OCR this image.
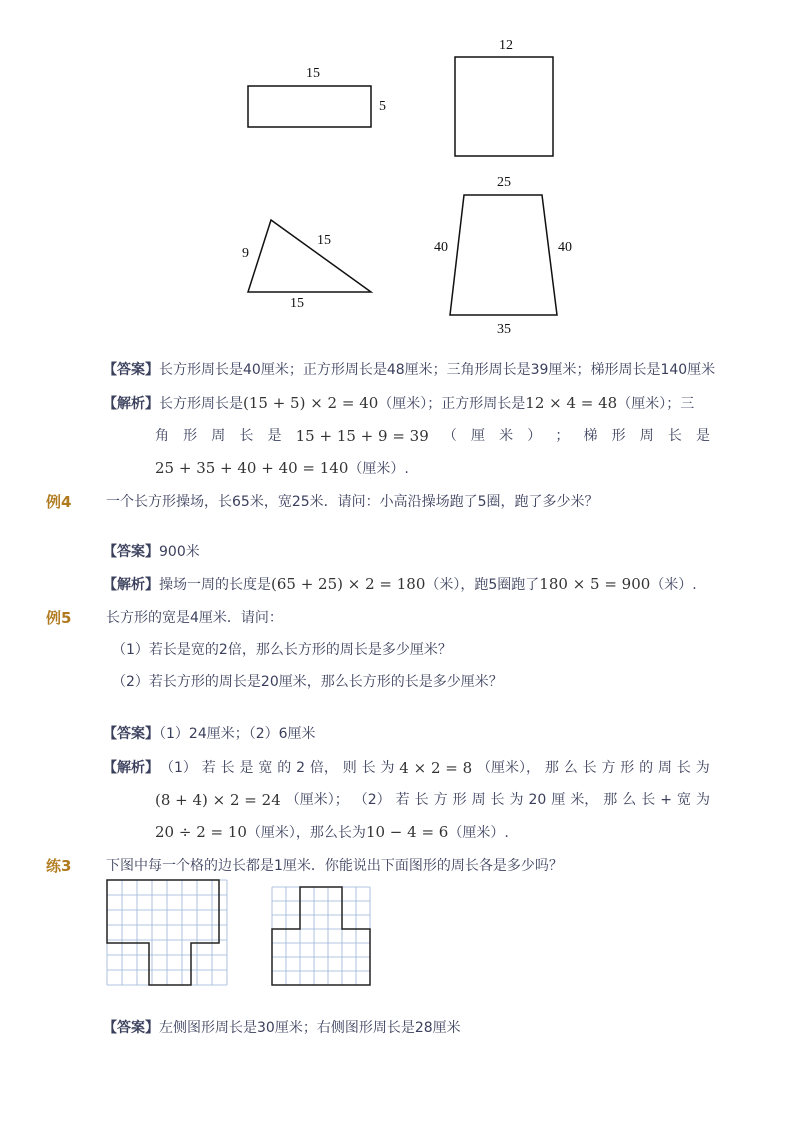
15
5
12
9
15
15
25
40	40
35
【答案】长方形周长是40厘米；正方形周长是48厘米；三角形周长是39厘米；梯形周长是140厘米
【解析】长方形周长是(15 + 5) × 2 = 40（厘米）；正方形周长是12 × 4 = 48（厘米）；三
角 形 周 长 是 15 + 15 + 9 = 39 （ 厘 米 ） ； 梯 形 周 长 是
25 + 35 + 40 + 40 = 140（厘米）.
例4 一个长方形操场，长65米，宽25米．请问：小高沿操场跑了5圈，跑了多少米？
【答案】900米
【解析】操场一周的长度是(65 + 25) × 2 = 180（米），跑5圈跑了180 × 5 = 900（米）.
例5 长方形的宽是4厘米．请问：
（1）若长是宽的2倍，那么长方形的周长是多少厘米？
（2）若长方形的周长是20厘米，那么长方形的长是多少厘米？
【答案】（1）24厘米；（2）6厘米
【解析】 （1） 若 长 是 宽 的 2 倍， 则 长 为 4 × 2 = 8 （厘米）， 那 么 长 方 形 的 周 长 为
(8 + 4) × 2 = 24 （厘米）； （2） 若 长 方 形 周 长 为 20 厘 米， 那 么 长 + 宽 为
20 ÷ 2 = 10（厘米），那么长为10 − 4 = 6（厘米）.
练3 下图中每一个格的边长都是1厘米．你能说出下面图形的周长各是多少吗？
【答案】左侧图形周长是30厘米；右侧图形周长是28厘米
